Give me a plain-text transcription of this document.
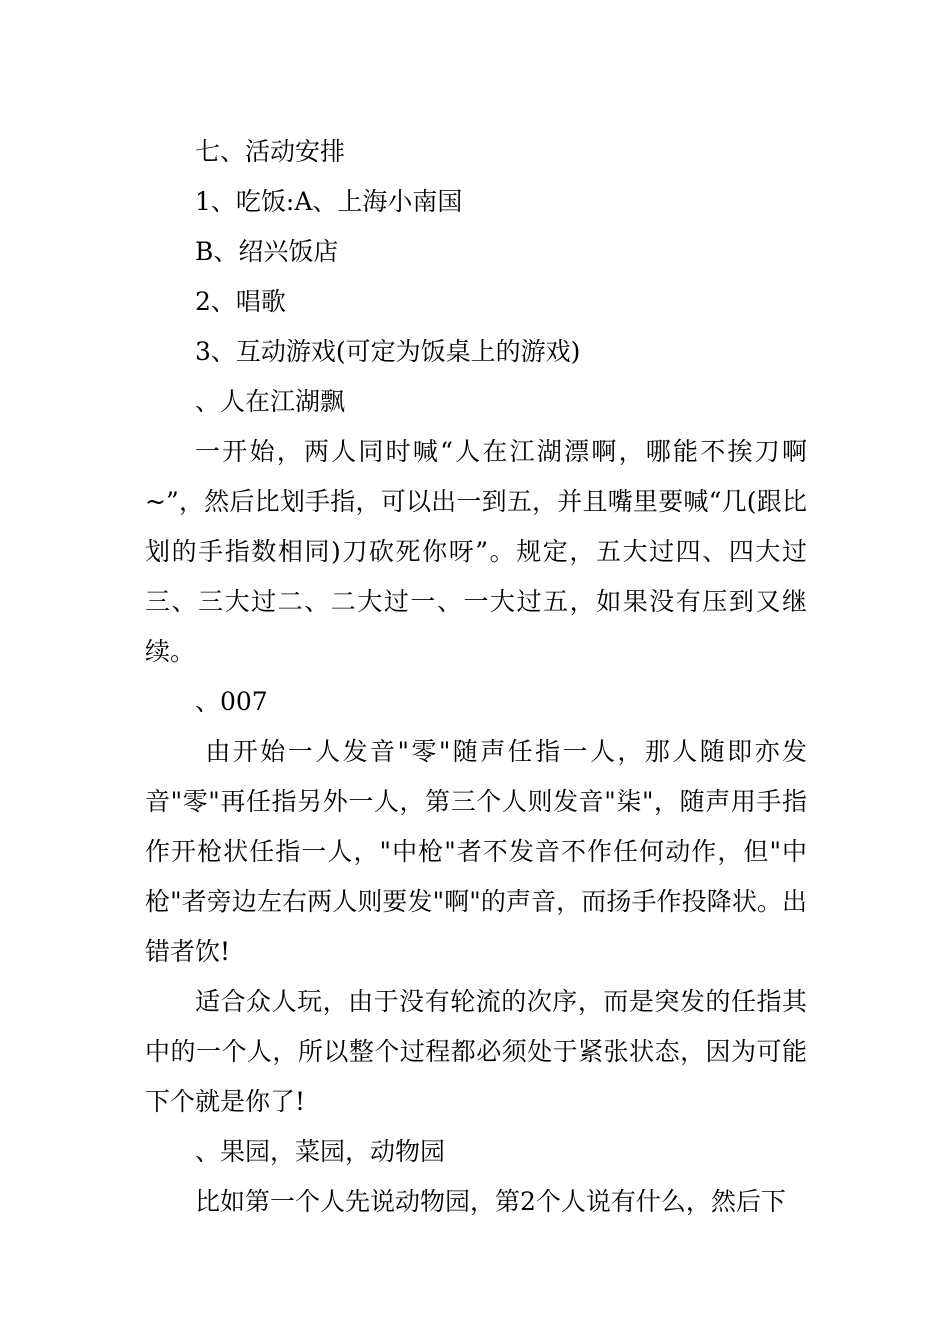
七、活动安排

1、吃饭:A、上海小南国

B、绍兴饭店

2、唱歌

3、互动游戏(可定为饭桌上的游戏)

、人在江湖飘

一开始，两人同时喊“人在江湖漂啊，哪能不挨刀啊~”，然后比划手指，可以出一到五，并且嘴里要喊“几(跟比划的手指数相同)刀砍死你呀”。规定，五大过四、四大过三、三大过二、二大过一、一大过五，如果没有压到又继续。

、007

由开始一人发音"零"随声任指一人，那人随即亦发音"零"再任指另外一人，第三个人则发音"柒"，随声用手指作开枪状任指一人，"中枪"者不发音不作任何动作，但"中枪"者旁边左右两人则要发"啊"的声音，而扬手作投降状。出错者饮!

适合众人玩，由于没有轮流的次序，而是突发的任指其中的一个人，所以整个过程都必须处于紧张状态，因为可能下个就是你了!

、果园，菜园，动物园

比如第一个人先说动物园，第2个人说有什么，然后下
